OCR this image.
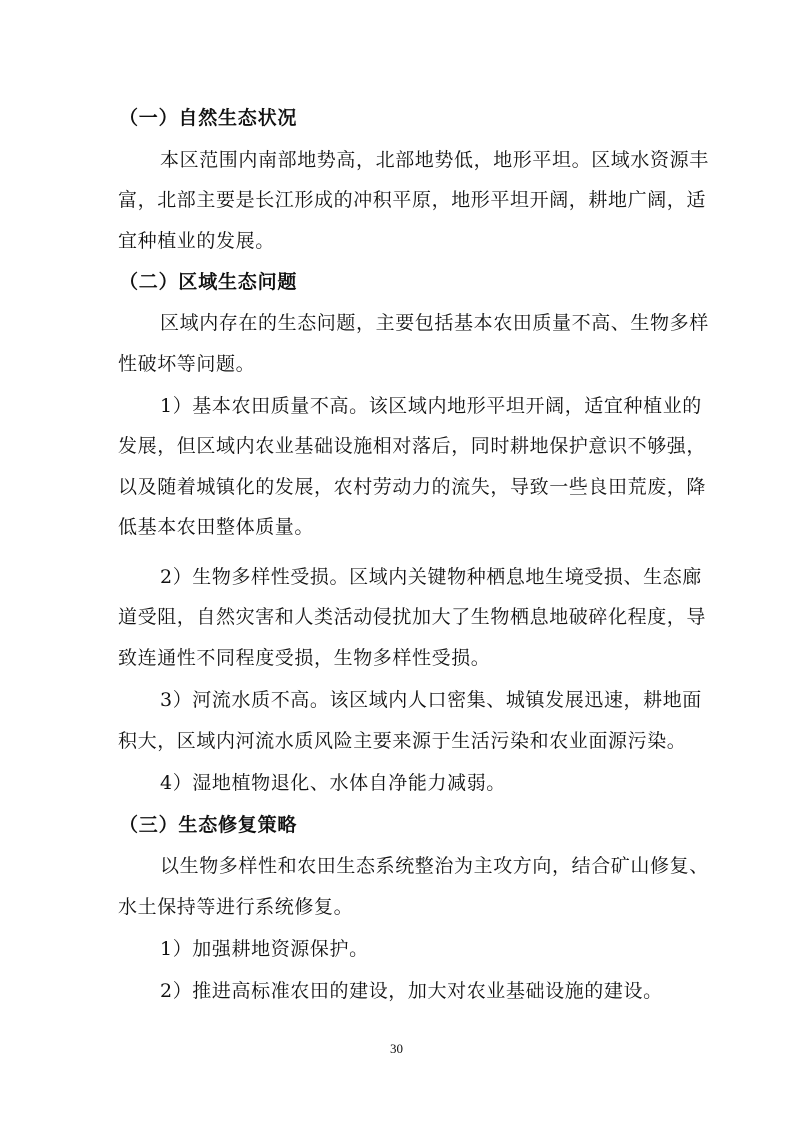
（一）自然生态状况
本区范围内南部地势高，北部地势低，地形平坦。区域水资源丰
富，北部主要是长江形成的冲积平原，地形平坦开阔，耕地广阔，适
宜种植业的发展。
（二）区域生态问题
区域内存在的生态问题，主要包括基本农田质量不高、生物多样
性破坏等问题。
1）基本农田质量不高。该区域内地形平坦开阔，适宜种植业的
发展，但区域内农业基础设施相对落后，同时耕地保护意识不够强，
以及随着城镇化的发展，农村劳动力的流失，导致一些良田荒废，降
低基本农田整体质量。
2）生物多样性受损。区域内关键物种栖息地生境受损、生态廊
道受阻，自然灾害和人类活动侵扰加大了生物栖息地破碎化程度，导
致连通性不同程度受损，生物多样性受损。
3）河流水质不高。该区域内人口密集、城镇发展迅速，耕地面
积大，区域内河流水质风险主要来源于生活污染和农业面源污染。
4）湿地植物退化、水体自净能力减弱。
（三）生态修复策略
以生物多样性和农田生态系统整治为主攻方向，结合矿山修复、
水土保持等进行系统修复。
1）加强耕地资源保护。
2）推进高标准农田的建设，加大对农业基础设施的建设。
30
